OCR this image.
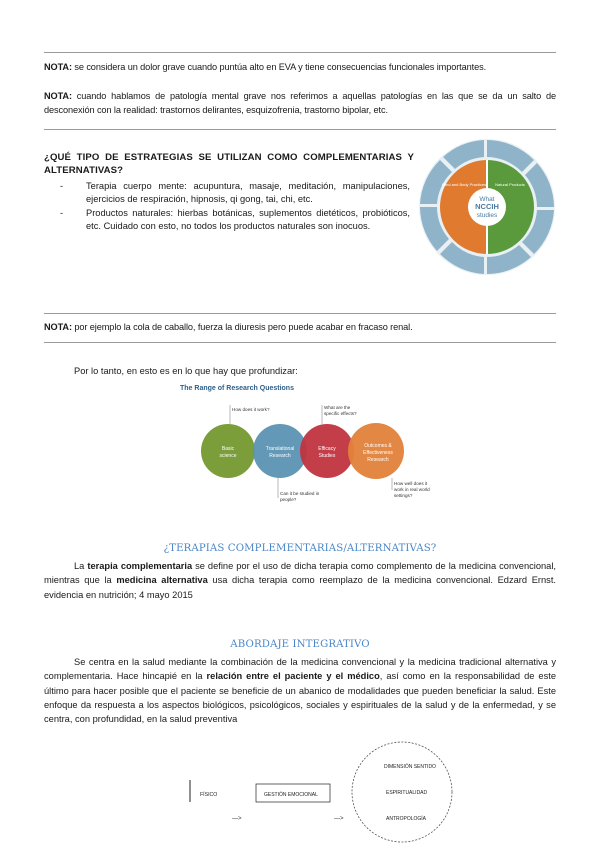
NOTA: se considera un dolor grave cuando puntúa alto en EVA y tiene consecuencias funcionales importantes.
NOTA: cuando hablamos de patología mental grave nos referimos a aquellas patologías en las que se da un salto de desconexión con la realidad: trastornos delirantes, esquizofrenia, trastorno bipolar, etc.
¿QUÉ TIPO DE ESTRATEGIAS SE UTILIZAN COMO COMPLEMENTARIAS Y ALTERNATIVAS?
- Terapia cuerpo mente: acupuntura, masaje, meditación, manipulaciones, ejercicios de respiración, hipnosis, qi gong, tai, chi, etc.
- Productos naturales: hierbas botánicas, suplementos dietéticos, probióticos, etc. Cuidado con esto, no todos los productos naturales son inocuos.
What
NCCIH
studies
Mind and Body Practices Natural Products
NOTA: por ejemplo la cola de caballo, fuerza la diuresis pero puede acabar en fracaso renal.
Por lo tanto, en esto es en lo que hay que profundizar:
The Range of Research Questions
Basic
science
Translational
Research
Efficacy
Studies
Outcomes &
Effectiveness
Research
How does it work?	What are the
specific effects?
Can it be studied in
people?
How well does it
work in real world
settings?
¿TERAPIAS COMPLEMENTARIAS/ALTERNATIVAS?
La terapia complementaria se define por el uso de dicha terapia como complemento de la medicina convencional, mientras que la medicina alternativa usa dicha terapia como reemplazo de la medicina convencional. Edzard Ernst. evidencia en nutrición; 4 mayo 2015
ABORDAJE INTEGRATIVO
Se centra en la salud mediante la combinación de la medicina convencional y la medicina tradicional alternativa y complementaria. Hace hincapié en la relación entre el paciente y el médico, así como en la responsabilidad de este último para hacer posible que el paciente se beneficie de un abanico de modalidades que pueden beneficiar la salud. Este enfoque da respuesta a los aspectos biológicos, psicológicos, sociales y espirituales de la salud y de la enfermedad, y se centra, con profundidad, en la salud preventiva
FÍSICO	GESTIÓN EMOCIONAL
DIMENSIÓN SENTIDO
ESPIRITUALIDAD
ANTROPOLOGÍA
—>	—>
